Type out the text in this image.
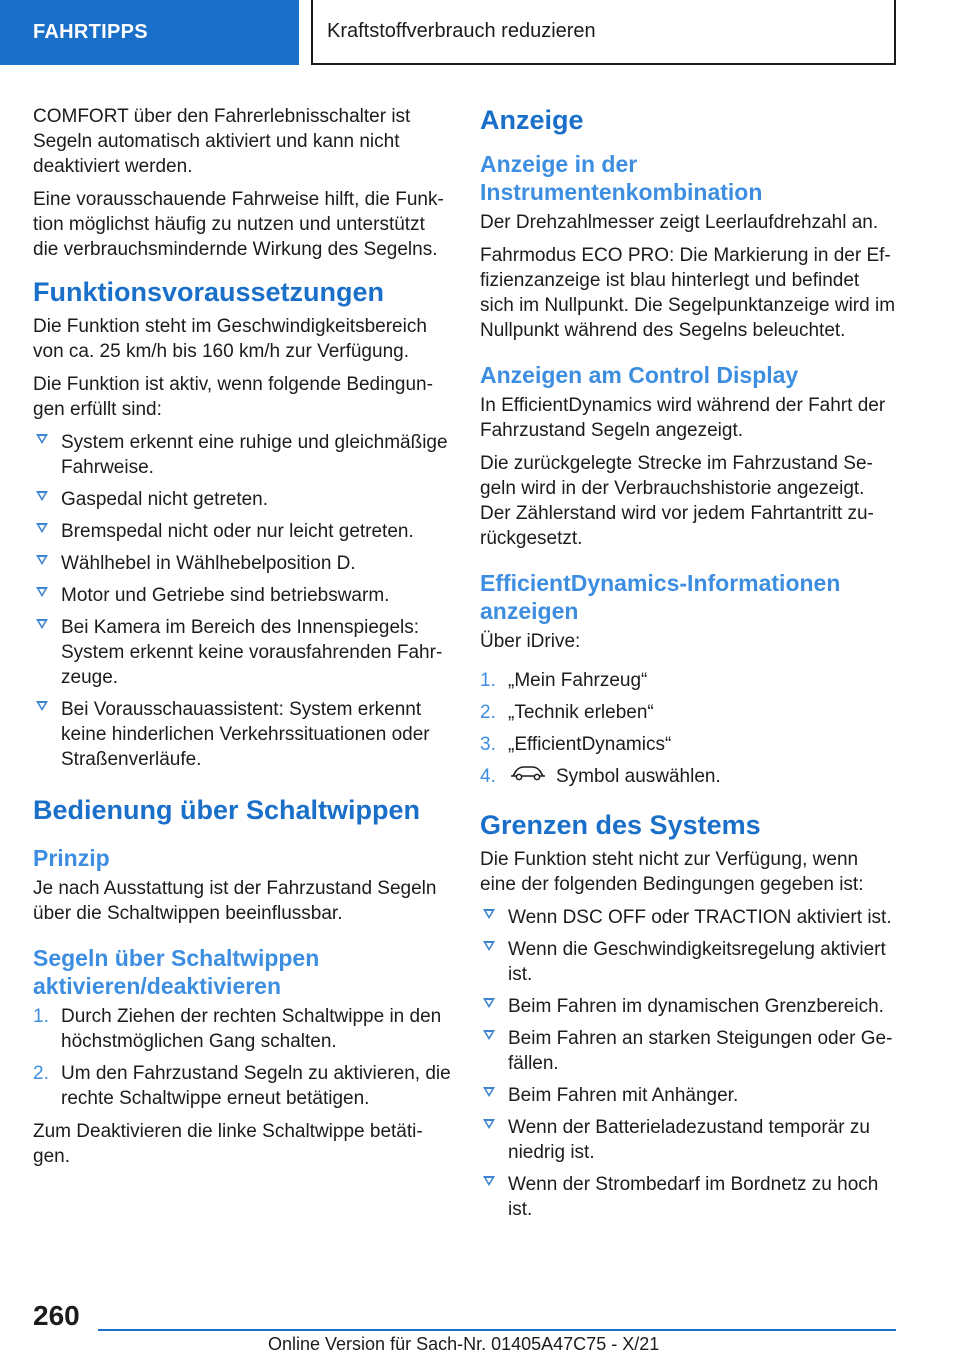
FAHRTIPPS	Kraftstoffverbrauch reduzieren

COMFORT über den Fahrerlebnisschalter ist Segeln automatisch aktiviert und kann nicht deaktiviert werden.

Eine vorausschauende Fahrweise hilft, die Funktion möglichst häufig zu nutzen und unterstützt die verbrauchsmindernde Wirkung des Segelns.

Funktionsvoraussetzungen

Die Funktion steht im Geschwindigkeitsbereich von ca. 25 km/h bis 160 km/h zur Verfügung.

Die Funktion ist aktiv, wenn folgende Bedingungen erfüllt sind:

System erkennt eine ruhige und gleichmäßige Fahrweise.
Gaspedal nicht getreten.
Bremspedal nicht oder nur leicht getreten.
Wählhebel in Wählhebelposition D.
Motor und Getriebe sind betriebswarm.
Bei Kamera im Bereich des Innenspiegels: System erkennt keine vorausfahrenden Fahrzeuge.
Bei Vorausschauassistent: System erkennt keine hinderlichen Verkehrssituationen oder Straßenverläufe.
Bedienung über Schaltwippen
Prinzip

Je nach Ausstattung ist der Fahrzustand Segeln über die Schaltwippen beeinflussbar.

Segeln über Schaltwippen aktivieren/deaktivieren
1. Durch Ziehen der rechten Schaltwippe in den höchstmöglichen Gang schalten.
2. Um den Fahrzustand Segeln zu aktivieren, die rechte Schaltwippe erneut betätigen.

Zum Deaktivieren die linke Schaltwippe betätigen.

Anzeige
Anzeige in der Instrumentenkombination

Der Drehzahlmesser zeigt Leerlaufdrehzahl an.

Fahrmodus ECO PRO: Die Markierung in der Effizienzanzeige ist blau hinterlegt und befindet sich im Nullpunkt. Die Segelpunktanzeige wird im Nullpunkt während des Segelns beleuchtet.

Anzeigen am Control Display

In EfficientDynamics wird während der Fahrt der Fahrzustand Segeln angezeigt.

Die zurückgelegte Strecke im Fahrzustand Segeln wird in der Verbrauchshistorie angezeigt. Der Zählerstand wird vor jedem Fahrtantritt zurückgesetzt.

EfficientDynamics-Informationen anzeigen

Über iDrive:

1. „Mein Fahrzeug“
2. „Technik erleben“
3. „EfficientDynamics“
4.	Symbol auswählen.
Grenzen des Systems

Die Funktion steht nicht zur Verfügung, wenn eine der folgenden Bedingungen gegeben ist:

Wenn DSC OFF oder TRACTION aktiviert ist.
Wenn die Geschwindigkeitsregelung aktiviert ist.
Beim Fahren im dynamischen Grenzbereich.
Beim Fahren an starken Steigungen oder Gefällen.
Beim Fahren mit Anhänger.
Wenn der Batterieladezustand temporär zu niedrig ist.
Wenn der Strombedarf im Bordnetz zu hoch ist.
260
Online Version für Sach-Nr. 01405A47C75 - X/21
